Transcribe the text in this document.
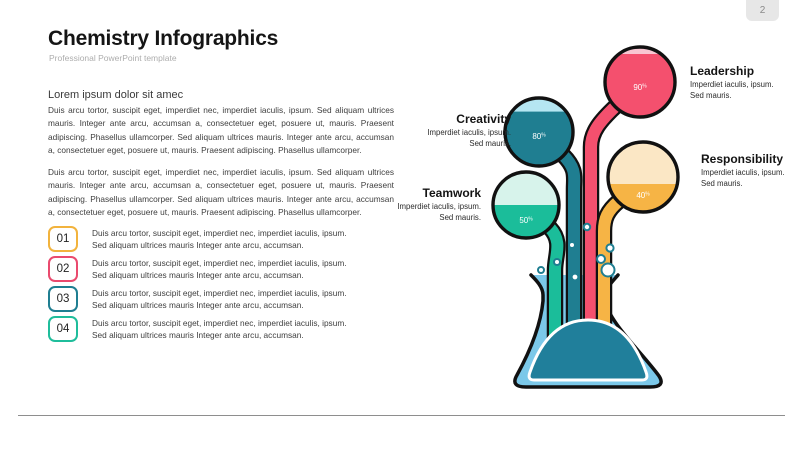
2
Chemistry Infographics
Professional PowerPoint template
Lorem ipsum dolor sit amec

Duis arcu tortor, suscipit eget, imperdiet nec, imperdiet iaculis, ipsum. Sed aliquam ultrices mauris. Integer ante arcu, accumsan a, consectetuer eget, posuere ut, mauris. Praesent adipiscing. Phasellus ullamcorper. Sed aliquam ultrices mauris. Integer ante arcu, accumsan a, consectetuer eget, posuere ut, mauris. Praesent adipiscing. Phasellus ullamcorper.

Duis arcu tortor, suscipit eget, imperdiet nec, imperdiet iaculis, ipsum. Sed aliquam ultrices mauris. Integer ante arcu, accumsan a, consectetuer eget, posuere ut, mauris. Praesent adipiscing. Phasellus ullamcorper. Sed aliquam ultrices mauris. Integer ante arcu, accumsan a, consectetuer eget, posuere ut, mauris. Praesent adipiscing. Phasellus ullamcorper.

01	Duis arcu tortor, suscipit eget, imperdiet nec, imperdiet iaculis, ipsum. Sed aliquam ultrices mauris Integer ante arcu, accumsan.
02	Duis arcu tortor, suscipit eget, imperdiet nec, imperdiet iaculis, ipsum. Sed aliquam ultrices mauris Integer ante arcu, accumsan.
03	Duis arcu tortor, suscipit eget, imperdiet nec, imperdiet iaculis, ipsum. Sed aliquam ultrices mauris Integer ante arcu, accumsan.
04	Duis arcu tortor, suscipit eget, imperdiet nec, imperdiet iaculis, ipsum. Sed aliquam ultrices mauris Integer ante arcu, accumsan.
80%
90%
50%
40%
Creativity
Imperdiet iaculis, ipsum. Sed mauris.
Leadership
Imperdiet iaculis, ipsum. Sed mauris.
Teamwork
Imperdiet iaculis, ipsum. Sed mauris.
Responsibility
Imperdiet iaculis, ipsum. Sed mauris.
